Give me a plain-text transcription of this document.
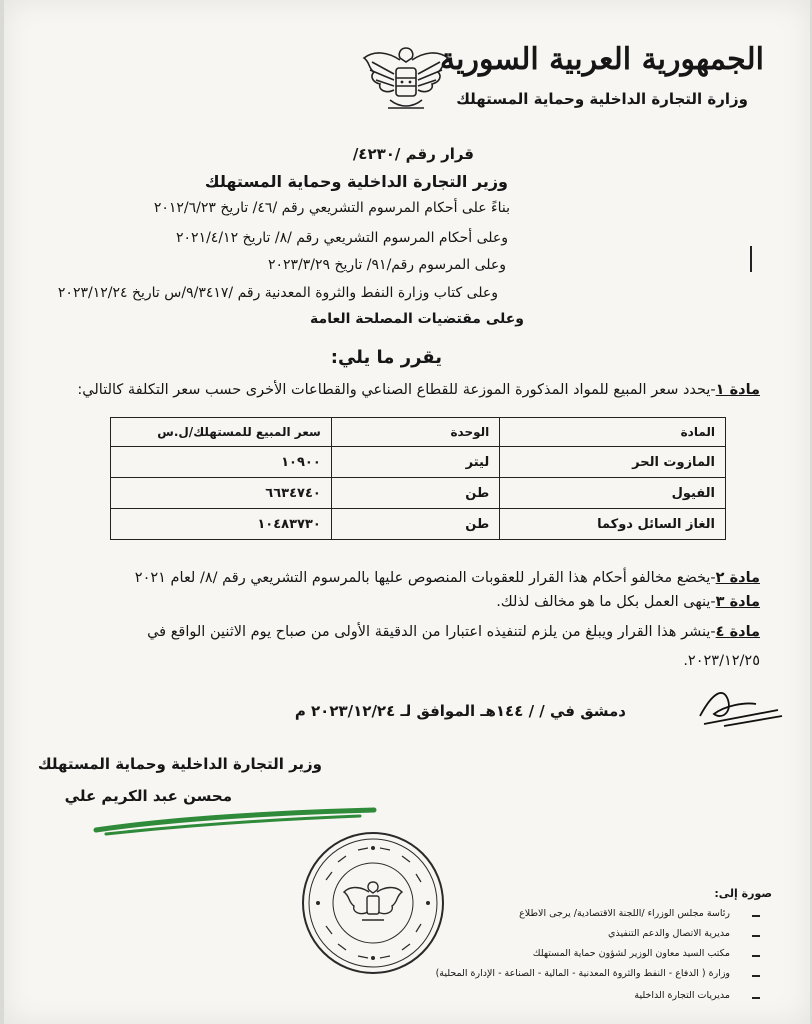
الجمهورية العربية السورية
وزارة التجارة الداخلية وحماية المستهلك
قرار رقم /٤٢٣٠/
وزير التجارة الداخلية وحماية المستهلك
بناءً على أحكام المرسوم التشريعي رقم /٤٦/ تاريخ ٢٠١٢/٦/٢٣
وعلى أحكام المرسوم التشريعي رقم /٨/ تاريخ ٢٠٢١/٤/١٢
وعلى المرسوم رقم/٩١/ تاريخ ٢٠٢٣/٣/٢٩
وعلى كتاب وزارة النفط والثروة المعدنية رقم /٩/٣٤١٧/س تاريخ ٢٠٢٣/١٢/٢٤
وعلى مقتضيات المصلحة العامة
يقرر ما يلي:
مادة ١-يحدد سعر المبيع للمواد المذكورة الموزعة للقطاع الصناعي والقطاعات الأخرى حسب سعر التكلفة كالتالي:
المادة	الوحدة	سعر المبيع للمستهلك/ل.س
المازوت الحر	ليتر	١٠٩٠٠
الفيول	طن	٦٦٣٤٧٤٠
الغاز السائل دوكما	طن	١٠٤٨٣٧٣٠
مادة ٢-يخضع مخالفو أحكام هذا القرار للعقوبات المنصوص عليها بالمرسوم التشريعي رقم /٨/ لعام ٢٠٢١
مادة ٣-ينهى العمل بكل ما هو مخالف لذلك.
مادة ٤-ينشر هذا القرار ويبلغ من يلزم لتنفيذه اعتبارا من الدقيقة الأولى من صباح يوم الاثنين الواقع في
٢٠٢٣/١٢/٢٥.
دمشق في / / ١٤٤هـ الموافق لـ ٢٠٢٣/١٢/٢٤ م
وزير التجارة الداخلية وحماية المستهلك
محسن عبد الكريم علي
صورة إلى:
رئاسة مجلس الوزراء /اللجنة الاقتصادية/ يرجى الاطلاع
مديرية الاتصال والدعم التنفيذي
مكتب السيد معاون الوزير لشؤون حماية المستهلك
وزارة ( الدفاع - النفط والثروة المعدنية - المالية - الصناعة - الإدارة المحلية)
مديريات التجارة الداخلية
